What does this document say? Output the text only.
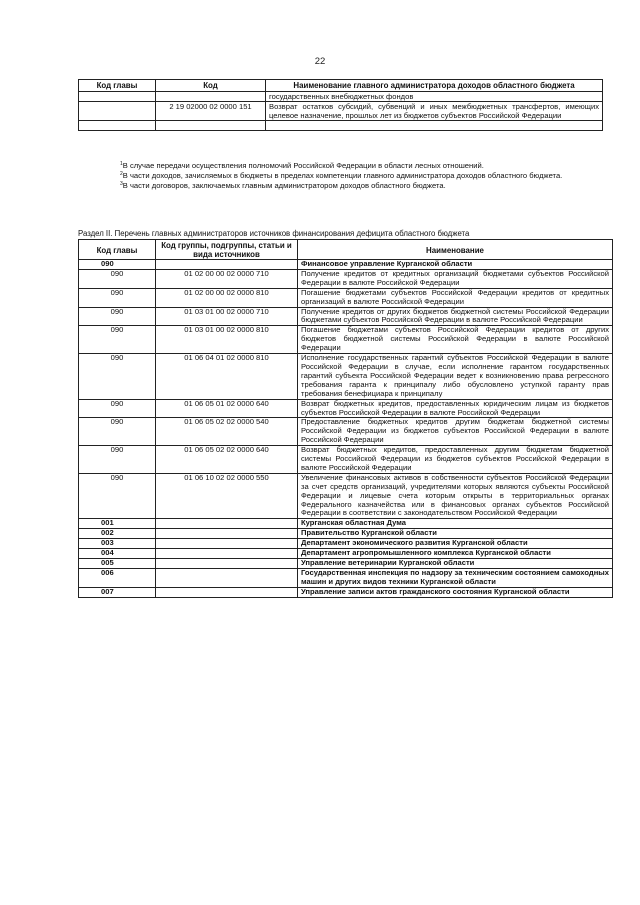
22
Код главы	Код	Наименование главного администратора доходов областного бюджета
		государственных внебюджетных фондов
	2 19 02000 02 0000 151	Возврат остатков субсидий, субвенций и иных межбюджетных трансфертов, имеющих целевое назначение, прошлых лет из бюджетов субъектов Российской Федерации

$^1$В случае передачи осуществления полномочий Российской Федерации в области лесных отношений.

$^2$В части доходов, зачисляемых в бюджеты в пределах компетенции главного администратора доходов областного бюджета.

$^3$В части договоров, заключаемых главным администратором доходов областного бюджета.

Раздел II. Перечень главных администраторов источников финансирования дефицита областного бюджета
Код главы	Код группы, подгруппы, статьи и вида источников	Наименование
090		Финансовое управление Курганской области
090	01 02 00 00 02 0000 710	Получение кредитов от кредитных организаций бюджетами субъектов Российской Федерации в валюте Российской Федерации
090	01 02 00 00 02 0000 810	Погашение бюджетами субъектов Российской Федерации кредитов от кредитных организаций в валюте Российской Федерации
090	01 03 01 00 02 0000 710	Получение кредитов от других бюджетов бюджетной системы Российской Федерации бюджетами субъектов Российской Федерации в валюте Российской Федерации
090	01 03 01 00 02 0000 810	Погашение бюджетами субъектов Российской Федерации кредитов от других бюджетов бюджетной системы Российской Федерации в валюте Российской Федерации
090	01 06 04 01 02 0000 810	Исполнение государственных гарантий субъектов Российской Федерации в валюте Российской Федерации в случае, если исполнение гарантом государственных гарантий субъекта Российской Федерации ведет к возникновению права регрессного требования гаранта к принципалу либо обусловлено уступкой гаранту прав требования бенефициара к принципалу
090	01 06 05 01 02 0000 640	Возврат бюджетных кредитов, предоставленных юридическим лицам из бюджетов субъектов Российской Федерации в валюте Российской Федерации
090	01 06 05 02 02 0000 540	Предоставление бюджетных кредитов другим бюджетам бюджетной системы Российской Федерации из бюджетов субъектов Российской Федерации в валюте Российской Федерации
090	01 06 05 02 02 0000 640	Возврат бюджетных кредитов, предоставленных другим бюджетам бюджетной системы Российской Федерации из бюджетов субъектов Российской Федерации в валюте Российской Федерации
090	01 06 10 02 02 0000 550	Увеличение финансовых активов в собственности субъектов Российской Федерации за счет средств организаций, учредителями которых являются субъекты Российской Федерации и лицевые счета которым открыты в территориальных органах Федерального казначейства или в финансовых органах субъектов Российской Федерации в соответствии с законодательством Российской Федерации
001		Курганская областная Дума
002		Правительство Курганской области
003		Департамент экономического развития Курганской области
004		Департамент агропромышленного комплекса Курганской области
005		Управление ветеринарии Курганской области
006		Государственная инспекция по надзору за техническим состоянием самоходных машин и других видов техники Курганской области
007		Управление записи актов гражданского состояния Курганской области
